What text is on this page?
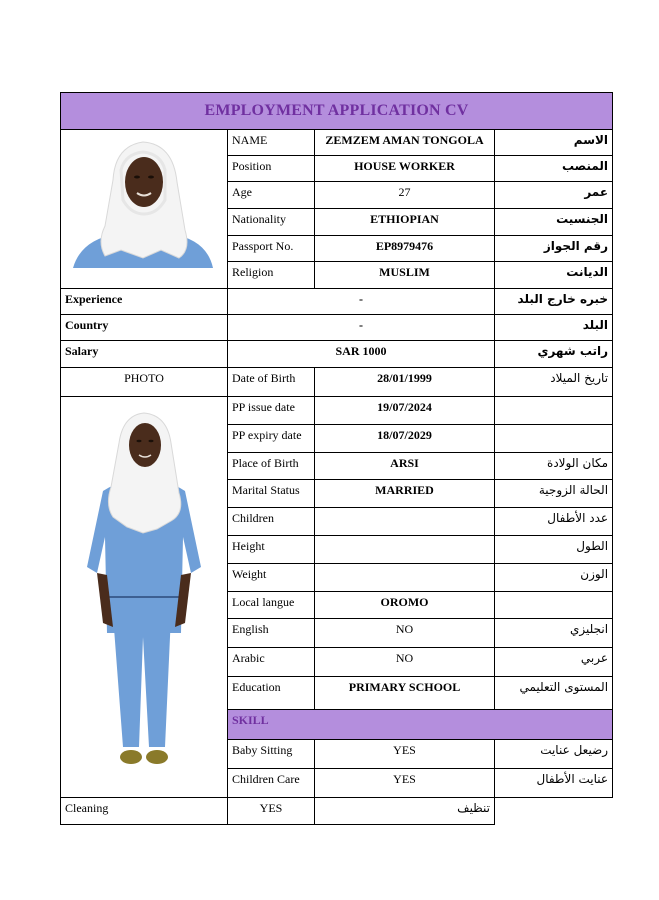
EMPLOYMENT APPLICATION CV			

	NAME	ZEMZEM AMAN TONGOLA	الاسم
	Position	HOUSE WORKER	المنصب
	Age	27	عمر
	Nationality	ETHIOPIAN	الجنسيت
	Passport No.	EP8979476	رقم الجواز
	Religion	MUSLIM	الديانت
Experience	-		خبره خارج البلد
Country	-		البلد
Salary	SAR 1000		راتب شهري
PHOTO	Date of Birth	28/01/1999	تاريخ الميلاد

	PP issue date	19/07/2024	
	PP expiry date	18/07/2029	
	Place of Birth	ARSI	مكان الولادة
	Marital Status	MARRIED	الحالة الزوجية
	Children		عدد الأطفال
	Height		الطول
	Weight		الوزن
	Local langue	OROMO	
	English	NO	انجليزي
	Arabic	NO	عربي
	Education	PRIMARY SCHOOL	المستوى التعليمي
	SKILL		
	Baby Sitting	YES	رضيعل عنايت
	Children Care	YES	عنايت الأطفال
Cleaning	YES	تنظيف	
